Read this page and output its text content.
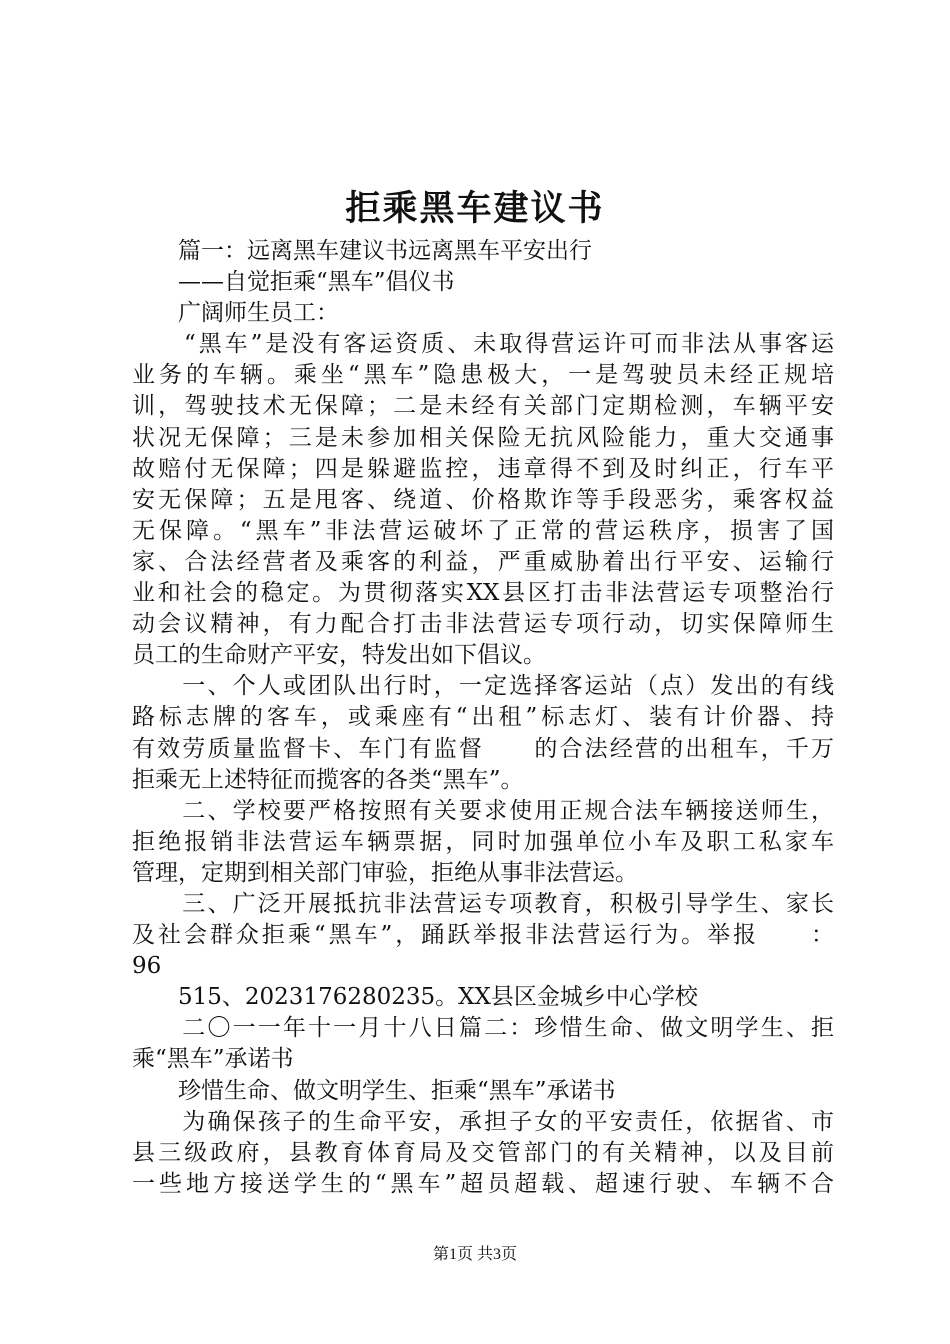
拒乘黑车建议书
　　篇一：远离黑车建议书远离黑车平安出行
　　——自觉拒乘“黑车”倡仪书
　　广阔师生员工：
　　“黑车”是没有客运资质、未取得营运许可而非法从事客运
业务的车辆。乘坐“黑车”隐患极大，一是驾驶员未经正规培
训，驾驶技术无保障；二是未经有关部门定期检测，车辆平安
状况无保障；三是未参加相关保险无抗风险能力，重大交通事
故赔付无保障；四是躲避监控，违章得不到及时纠正，行车平
安无保障；五是甩客、绕道、价格欺诈等手段恶劣，乘客权益
无保障。“黑车”非法营运破坏了正常的营运秩序，损害了国
家、合法经营者及乘客的利益，严重威胁着出行平安、运输行
业和社会的稳定。为贯彻落实XX县区打击非法营运专项整治行
动会议精神，有力配合打击非法营运专项行动，切实保障师生
员工的生命财产平安，特发出如下倡议。
　　一、个人或团队出行时，一定选择客运站（点）发出的有线
路标志牌的客车，或乘座有“出租”标志灯、装有计价器、持
有效劳质量监督卡、车门有监督　　的合法经营的出租车，千万
拒乘无上述特征而揽客的各类“黑车”。
　　二、学校要严格按照有关要求使用正规合法车辆接送师生，
拒绝报销非法营运车辆票据，同时加强单位小车及职工私家车
管理，定期到相关部门审验，拒绝从事非法营运。
　　三、广泛开展抵抗非法营运专项教育，积极引导学生、家长
及社会群众拒乘“黑车”，踊跃举报非法营运行为。举报　　：
96
　　515、2023176280235。XX县区金城乡中心学校
　　二〇一一年十一月十八日篇二：珍惜生命、做文明学生、拒
乘“黑车”承诺书
　　珍惜生命、做文明学生、拒乘“黑车”承诺书
　　为确保孩子的生命平安，承担子女的平安责任，依据省、市
县三级政府，县教育体育局及交管部门的有关精神，以及目前
一些地方接送学生的“黑车”超员超载、超速行驶、车辆不合
第1页 共3页
